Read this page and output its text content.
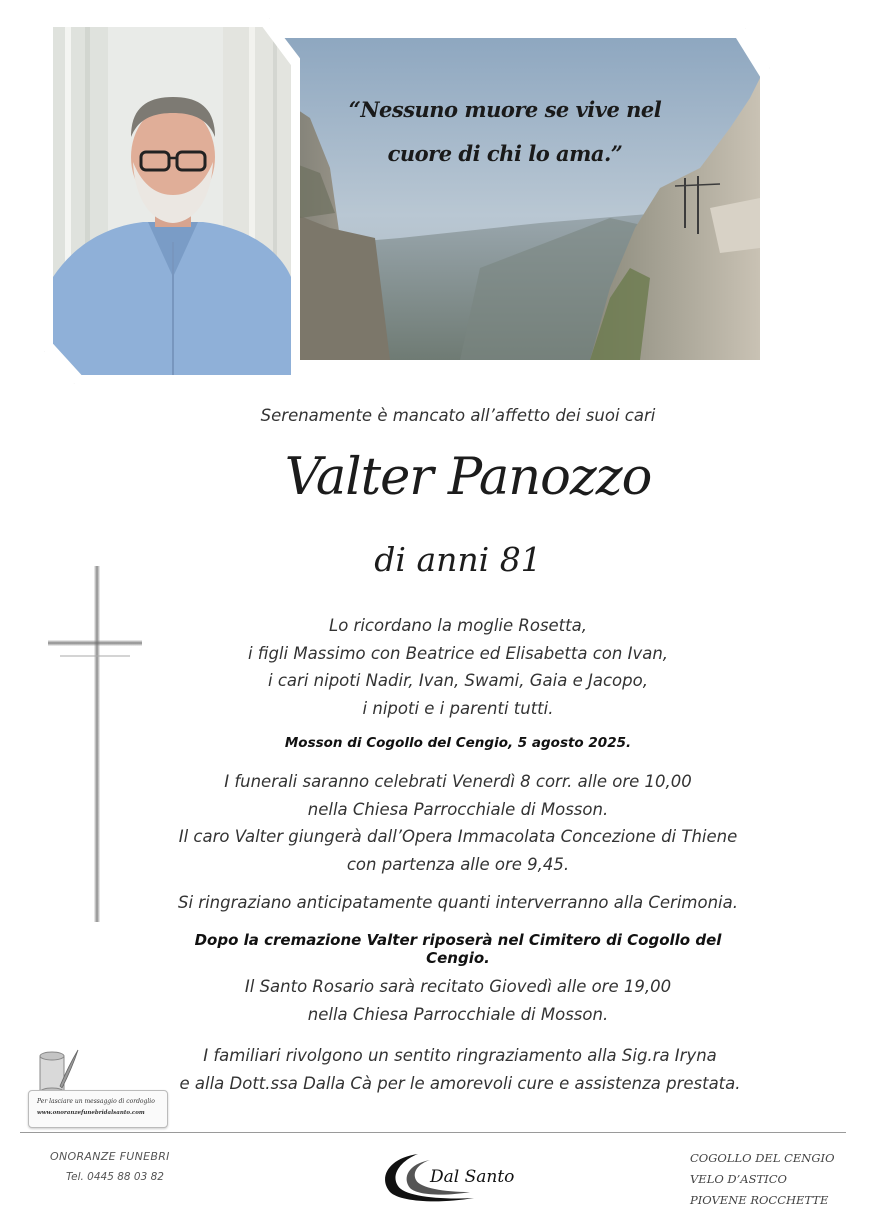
“Nessuno muore se vive nel
cuore di chi lo ama.”
Serenamente è mancato all’affetto dei suoi cari
Valter Panozzo
di anni 81
Lo ricordano la moglie Rosetta,
i figli Massimo con Beatrice ed Elisabetta con Ivan,
i cari nipoti Nadir, Ivan, Swami, Gaia e Jacopo,
i nipoti e i parenti tutti.
Mosson di Cogollo del Cengio, 5 agosto 2025.
I funerali saranno celebrati Venerdì 8 corr. alle ore 10,00
nella Chiesa Parrocchiale di Mosson.
Il caro Valter giungerà dall’Opera Immacolata Concezione di Thiene
con partenza alle ore 9,45.
Si ringraziano anticipatamente quanti interverranno alla Cerimonia.
Dopo la cremazione Valter riposerà nel Cimitero di Cogollo del Cengio.
Il Santo Rosario sarà recitato Giovedì alle ore 19,00
nella Chiesa Parrocchiale di Mosson.
I familiari rivolgono un sentito ringraziamento alla Sig.ra Iryna
e alla Dott.ssa Dalla Cà per le amorevoli cure e assistenza prestata.
Per lasciare un messaggio di cordoglio
www.onoranzefunebridalsanto.com
ONORANZE FUNEBRI
Tel. 0445 88 03 82	Dal Santo
COGOLLO DEL CENGIO
VELO D’ASTICO
PIOVENE ROCCHETTE
